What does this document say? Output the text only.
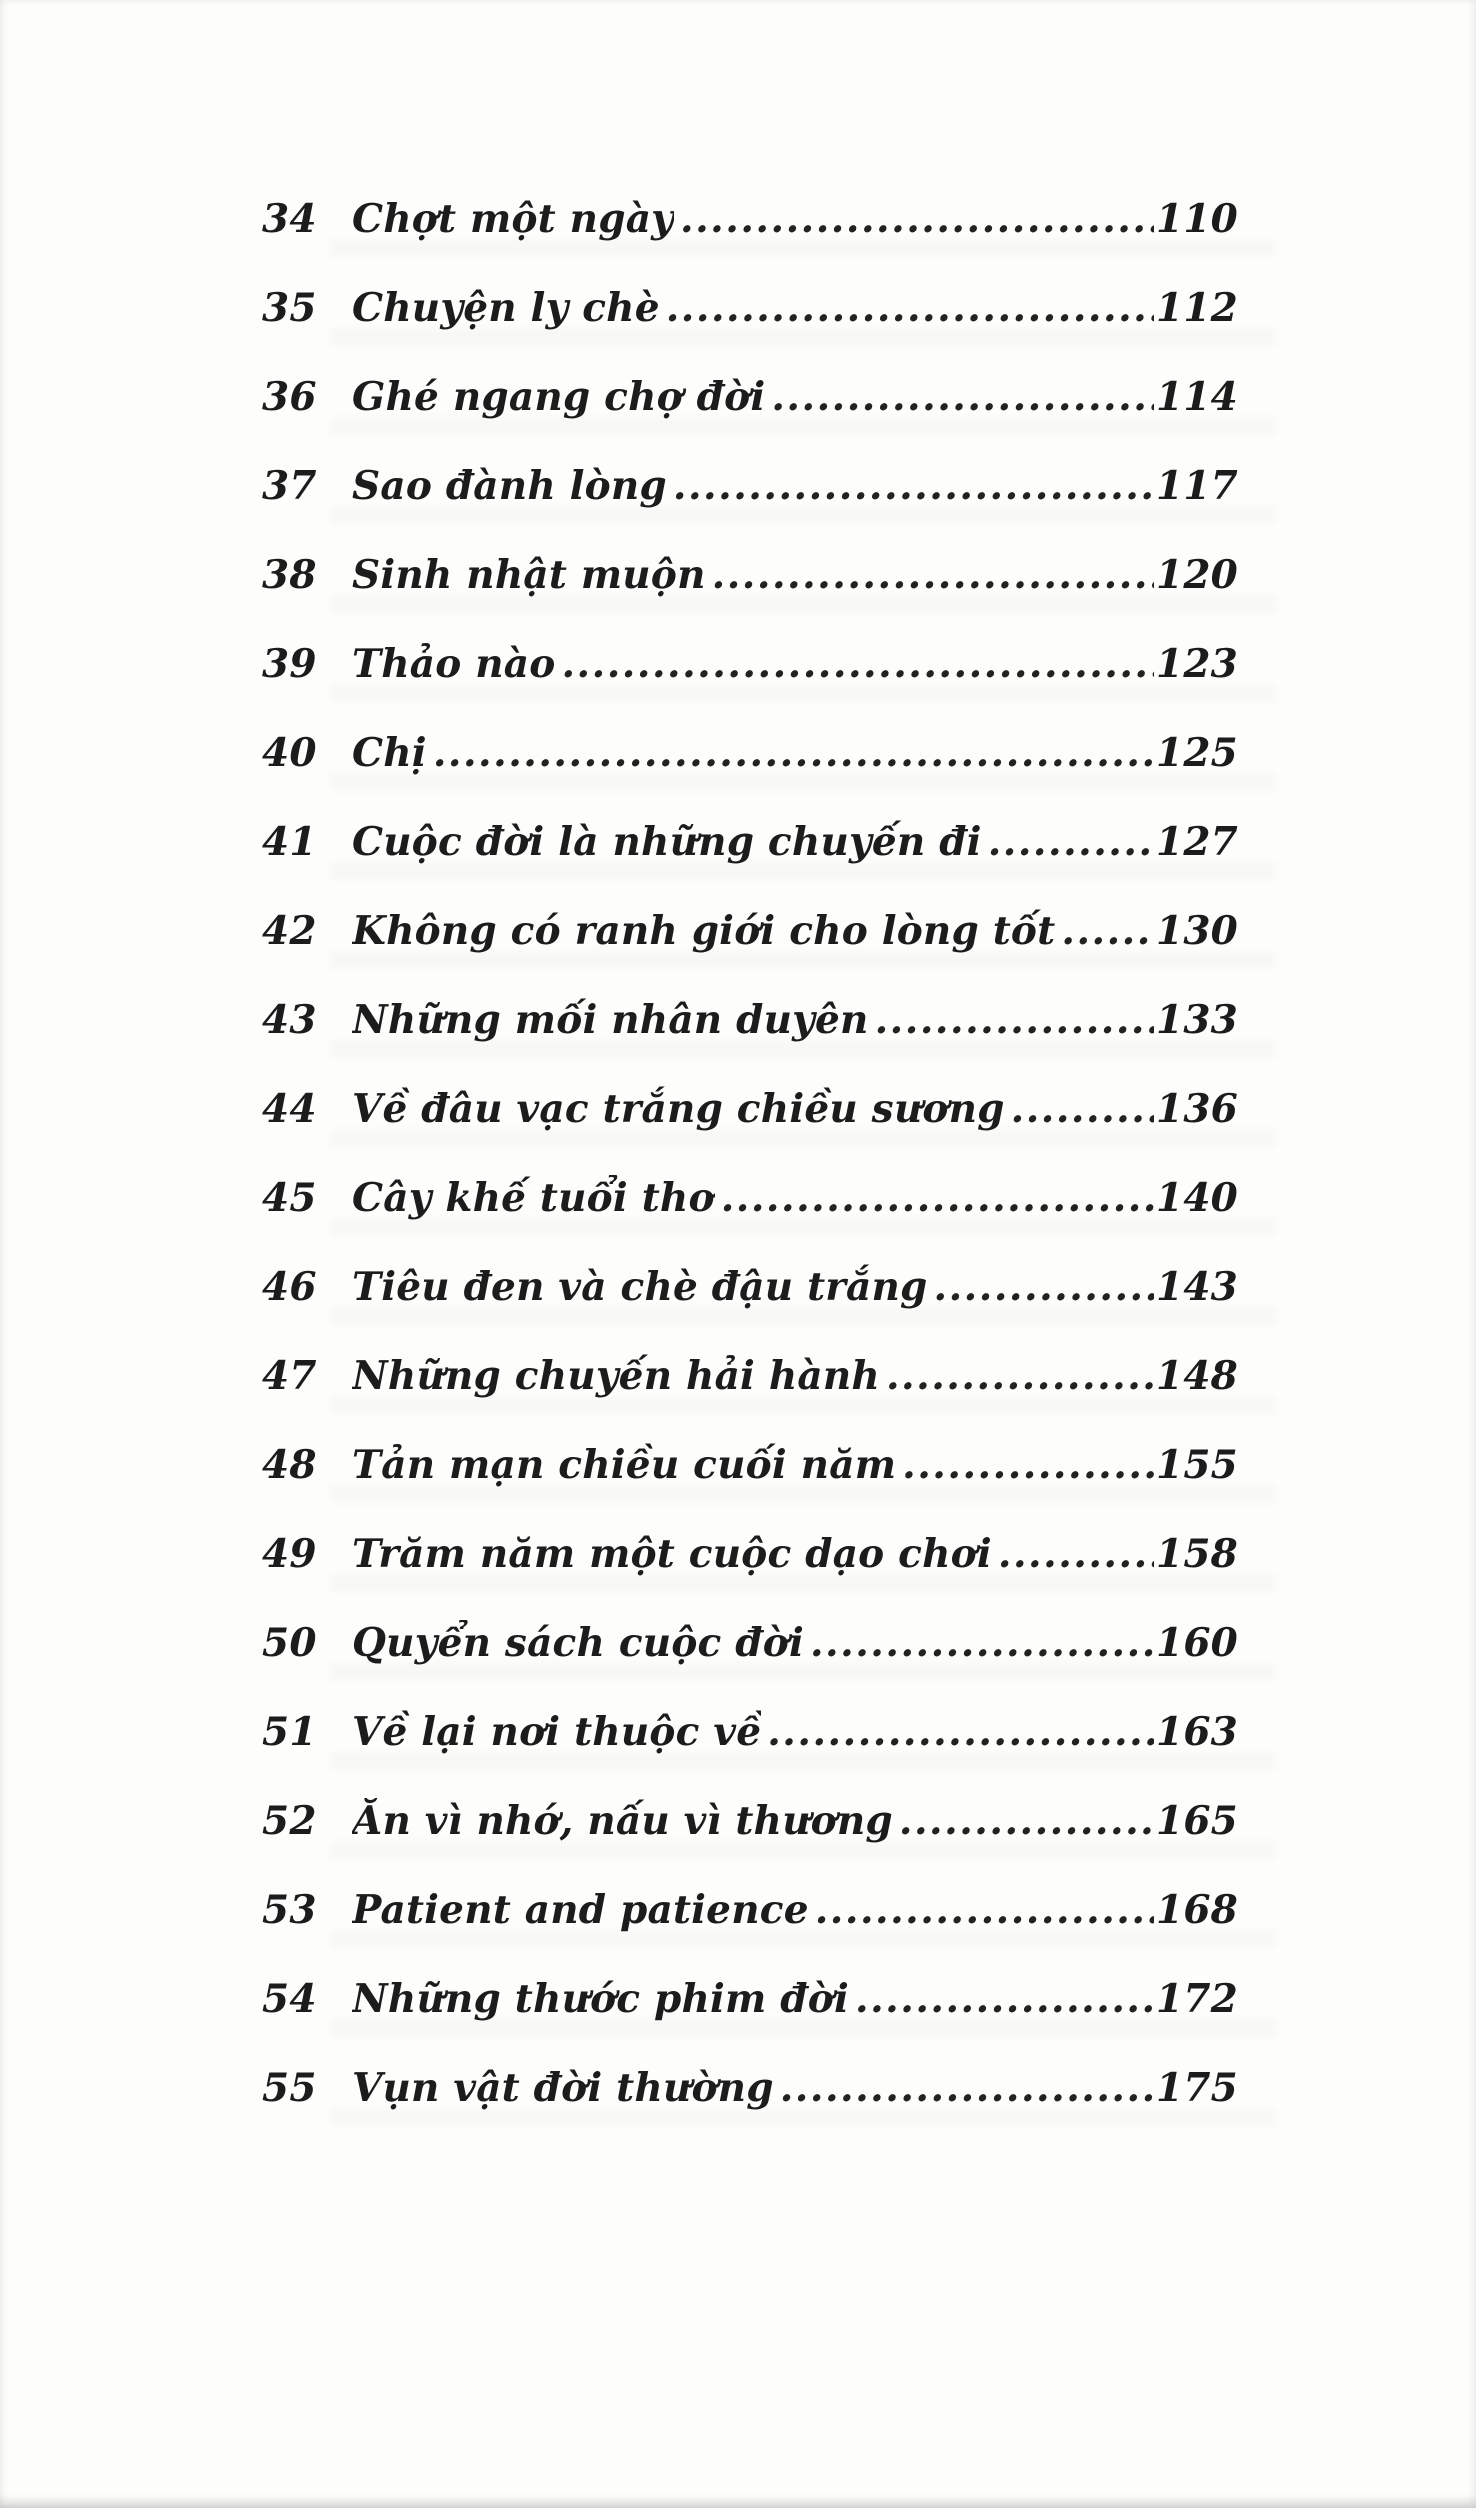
34 Chợt một ngày .....	110
35 Chuyện ly chè .....	112
36 Ghé ngang chợ đời .....	114
37 Sao đành lòng .....	117
38 Sinh nhật muộn .....	120
39 Thảo nào .....	123
40 Chị .....	125
41 Cuộc đời là những chuyến đi .....	127
42 Không có ranh giới cho lòng tốt .....	130
43 Những mối nhân duyên .....	133
44 Về đâu vạc trắng chiều sương .....	136
45 Cây khế tuổi thơ .....	140
46 Tiêu đen và chè đậu trắng .....	143
47 Những chuyến hải hành .....	148
48 Tản mạn chiều cuối năm .....	155
49 Trăm năm một cuộc dạo chơi .....	158
50 Quyển sách cuộc đời .....	160
51 Về lại nơi thuộc về .....	163
52 Ăn vì nhớ, nấu vì thương .....	165
53 Patient and patience .....	168
54 Những thước phim đời .....	172
55 Vụn vật đời thường .....	175
